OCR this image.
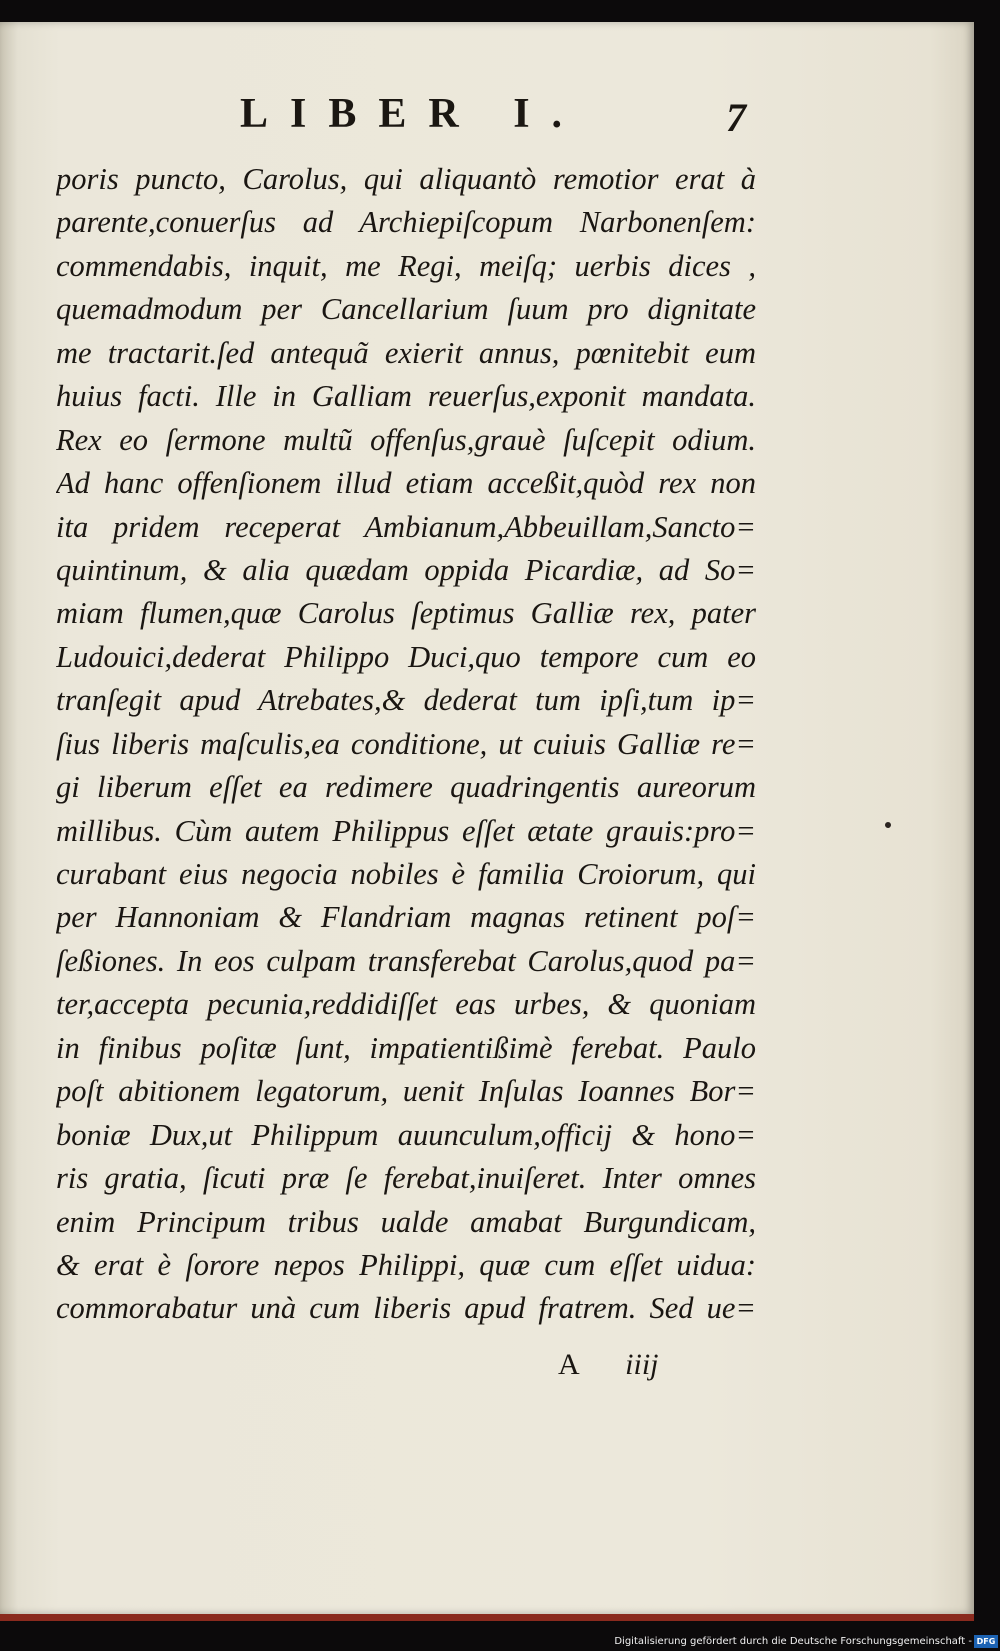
LIBER I.	7
poris puncto, Carolus, qui aliquantò remotior erat à
parente,conuerſus ad Archiepiſcopum Narbonenſem:
commendabis, inquit, me Regi, meiſq; uerbis dices ,
quemadmodum per Cancellarium ſuum pro dignitate
me tractarit.ſed antequã exierit annus, pœnitebit eum
huius facti. Ille in Galliam reuerſus,exponit mandata.
Rex eo ſermone multũ offenſus,grauè ſuſcepit odium.
Ad hanc offenſionem illud etiam acceßit,quòd rex non
ita pridem receperat Ambianum,Abbeuillam,Sancto=
quintinum, & alia quædam oppida Picardiæ, ad So=
miam flumen,quæ Carolus ſeptimus Galliæ rex, pater
Ludouici,dederat Philippo Duci,quo tempore cum eo
tranſegit apud Atrebates,& dederat tum ipſi,tum ip=
ſius liberis maſculis,ea conditione, ut cuiuis Galliæ re=
gi liberum eſſet ea redimere quadringentis aureorum
millibus. Cùm autem Philippus eſſet ætate grauis:pro=
curabant eius negocia nobiles è familia Croiorum, qui
per Hannoniam & Flandriam magnas retinent poſ=
ſeßiones. In eos culpam transferebat Carolus,quod pa=
ter,accepta pecunia,reddidiſſet eas urbes, & quoniam
in finibus poſitæ ſunt, impatientißimè ferebat. Paulo
poſt abitionem legatorum, uenit Inſulas Ioannes Bor=
boniæ Dux,ut Philippum auunculum,officij & hono=
ris gratia, ſicuti præ ſe ferebat,inuiſeret. Inter omnes
enim Principum tribus ualde amabat Burgundicam,
& erat è ſorore nepos Philippi, quæ cum eſſet uidua:
commorabatur unà cum liberis apud fratrem. Sed ue=
A iiij
Digitalisierung gefördert durch die Deutsche Forschungsgemeinschaft - DFG
